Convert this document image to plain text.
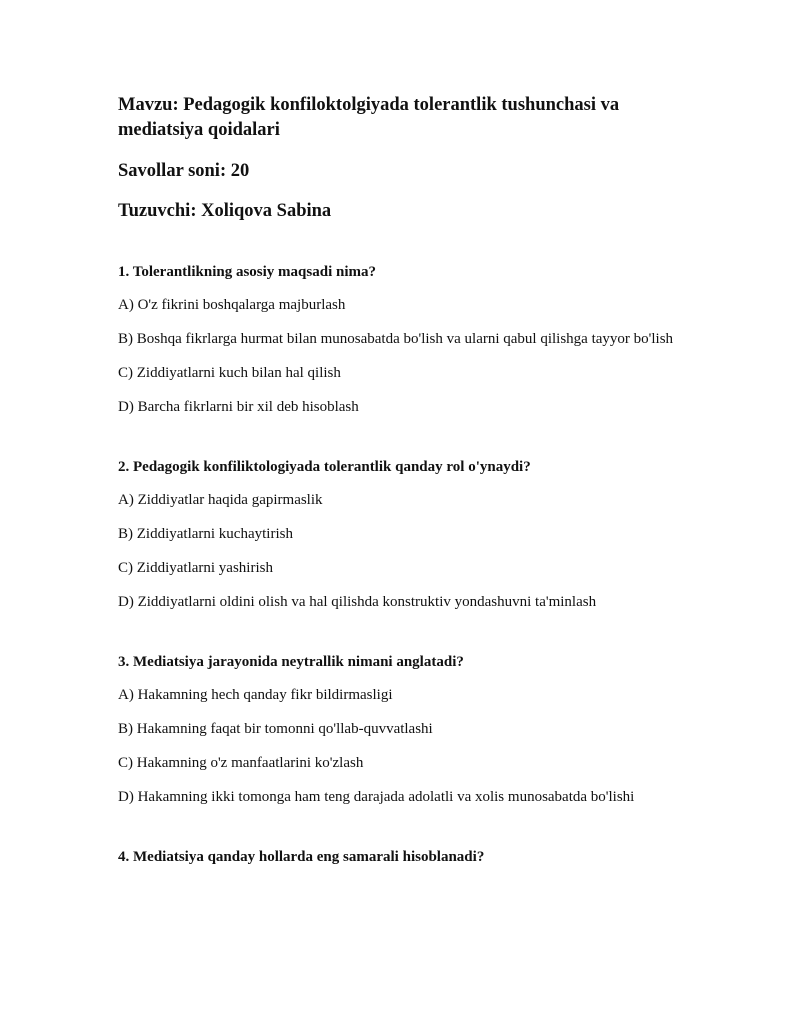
Mavzu: Pedagogik konfiloktolgiyada tolerantlik tushunchasi va mediatsiya qoidalari

Savollar soni: 20

Tuzuvchi: Xoliqova Sabina

1. Tolerantlikning asosiy maqsadi nima?

A) O'z fikrini boshqalarga majburlash

B) Boshqa fikrlarga hurmat bilan munosabatda bo'lish va ularni qabul qilishga tayyor bo'lish

C) Ziddiyatlarni kuch bilan hal qilish

D) Barcha fikrlarni bir xil deb hisoblash

2. Pedagogik konfiliktologiyada tolerantlik qanday rol o'ynaydi?

A) Ziddiyatlar haqida gapirmaslik

B) Ziddiyatlarni kuchaytirish

C) Ziddiyatlarni yashirish

D) Ziddiyatlarni oldini olish va hal qilishda konstruktiv yondashuvni ta'minlash

3. Mediatsiya jarayonida neytrallik nimani anglatadi?

A) Hakamning hech qanday fikr bildirmasligi

B) Hakamning faqat bir tomonni qo'llab-quvvatlashi

C) Hakamning o'z manfaatlarini ko'zlash

D) Hakamning ikki tomonga ham teng darajada adolatli va xolis munosabatda bo'lishi

4. Mediatsiya qanday hollarda eng samarali hisoblanadi?
